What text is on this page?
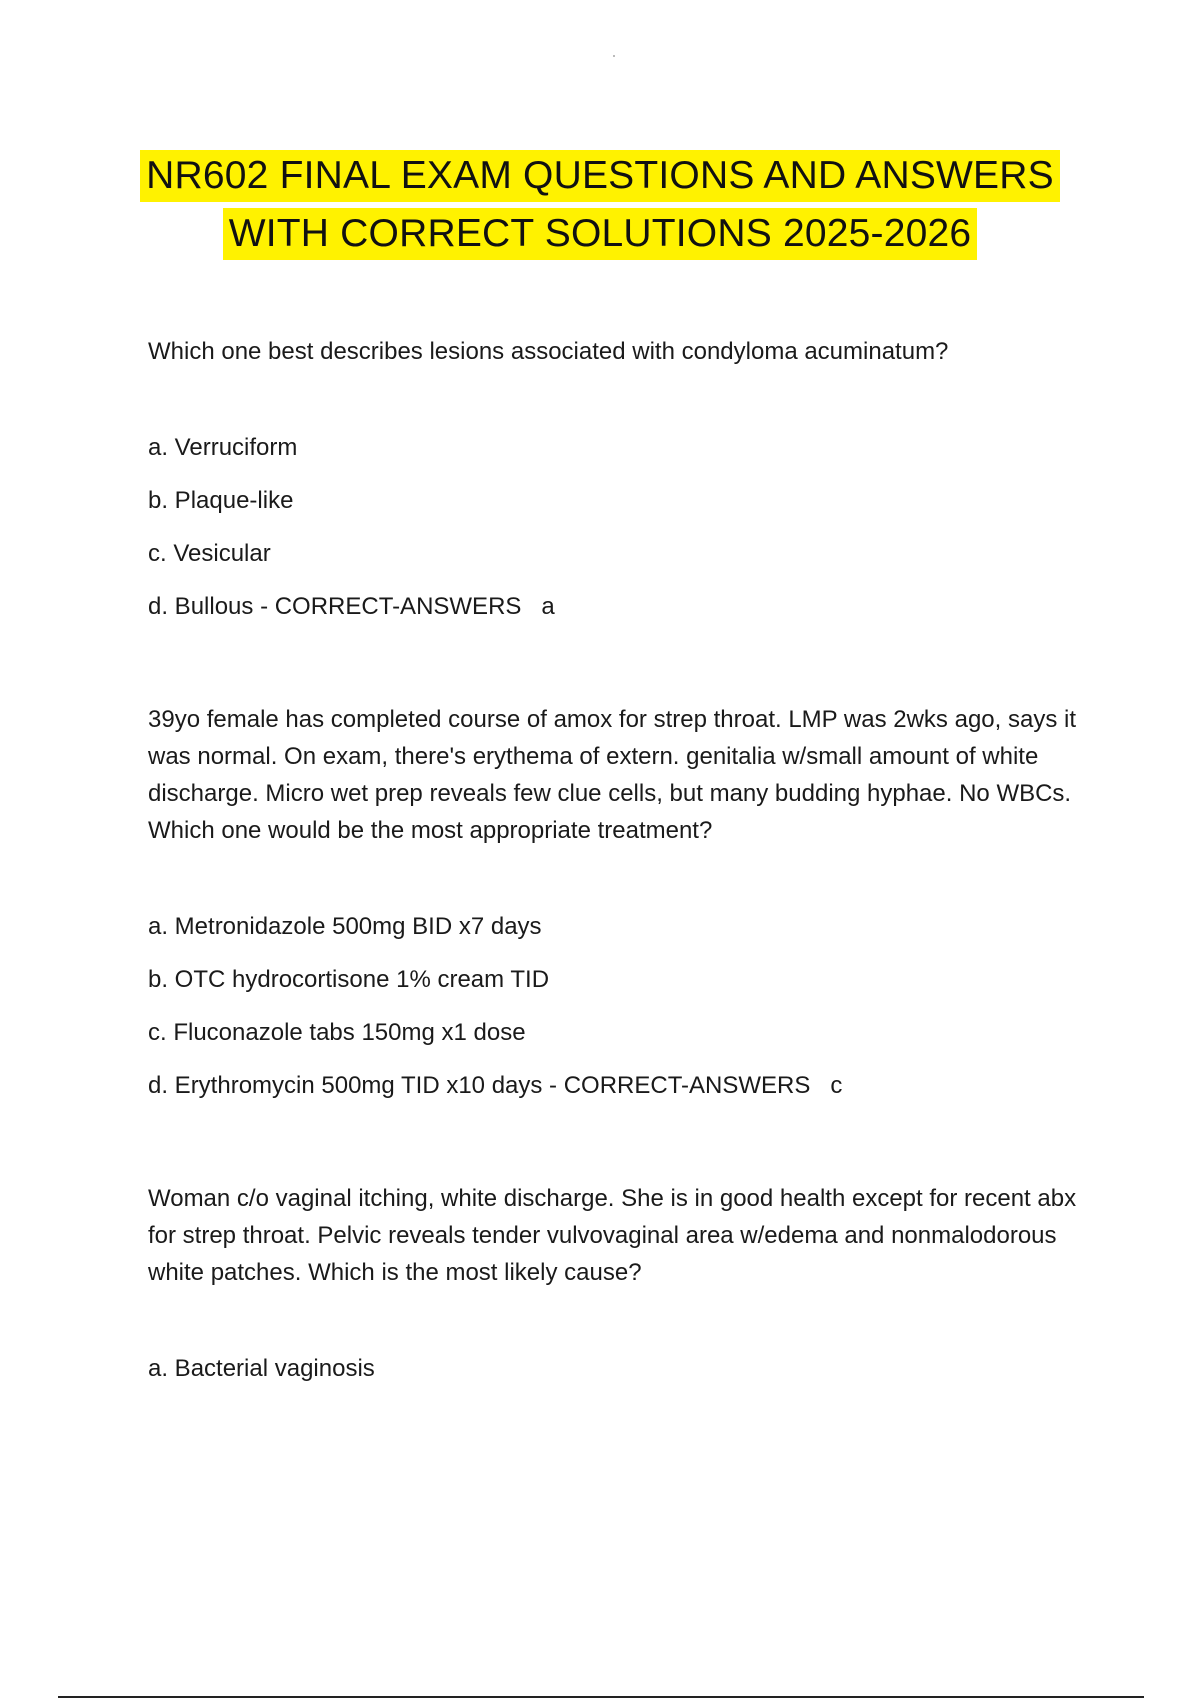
NR602 FINAL EXAM QUESTIONS AND ANSWERS
WITH CORRECT SOLUTIONS 2025-2026

Which one best describes lesions associated with condyloma acuminatum?

a. Verruciform

b. Plaque-like

c. Vesicular

d. Bullous - CORRECT-ANSWERS a

39yo female has completed course of amox for strep throat. LMP was 2wks ago, says it was normal. On exam, there's erythema of extern. genitalia w/small amount of white discharge. Micro wet prep reveals few clue cells, but many budding hyphae. No WBCs. Which one would be the most appropriate treatment?

a. Metronidazole 500mg BID x7 days

b. OTC hydrocortisone 1% cream TID

c. Fluconazole tabs 150mg x1 dose

d. Erythromycin 500mg TID x10 days - CORRECT-ANSWERS c

Woman c/o vaginal itching, white discharge. She is in good health except for recent abx for strep throat. Pelvic reveals tender vulvovaginal area w/edema and nonmalodorous white patches. Which is the most likely cause?

a. Bacterial vaginosis
